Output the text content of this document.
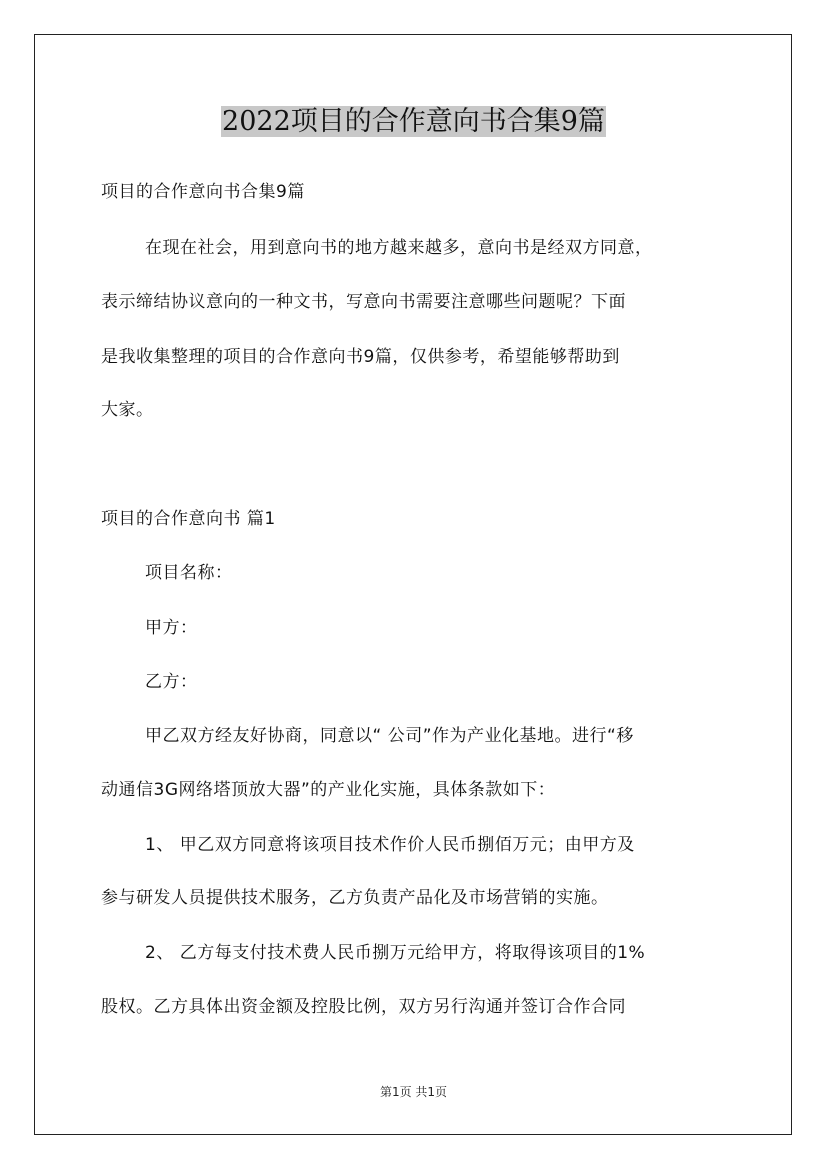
2022项目的合作意向书合集9篇
项目的合作意向书合集9篇
在现在社会，用到意向书的地方越来越多，意向书是经双方同意，
表示缔结协议意向的一种文书，写意向书需要注意哪些问题呢？下面
是我收集整理的项目的合作意向书9篇，仅供参考，希望能够帮助到
大家。
项目的合作意向书 篇1
项目名称：
甲方：
乙方：
甲乙双方经友好协商，同意以“ 公司”作为产业化基地。进行“移
动通信3G网络塔顶放大器”的产业化实施，具体条款如下：
1、 甲乙双方同意将该项目技术作价人民币捌佰万元；由甲方及
参与研发人员提供技术服务，乙方负责产品化及市场营销的实施。
2、 乙方每支付技术费人民币捌万元给甲方，将取得该项目的1%
股权。乙方具体出资金额及控股比例，双方另行沟通并签订合作合同
第1页 共1页
